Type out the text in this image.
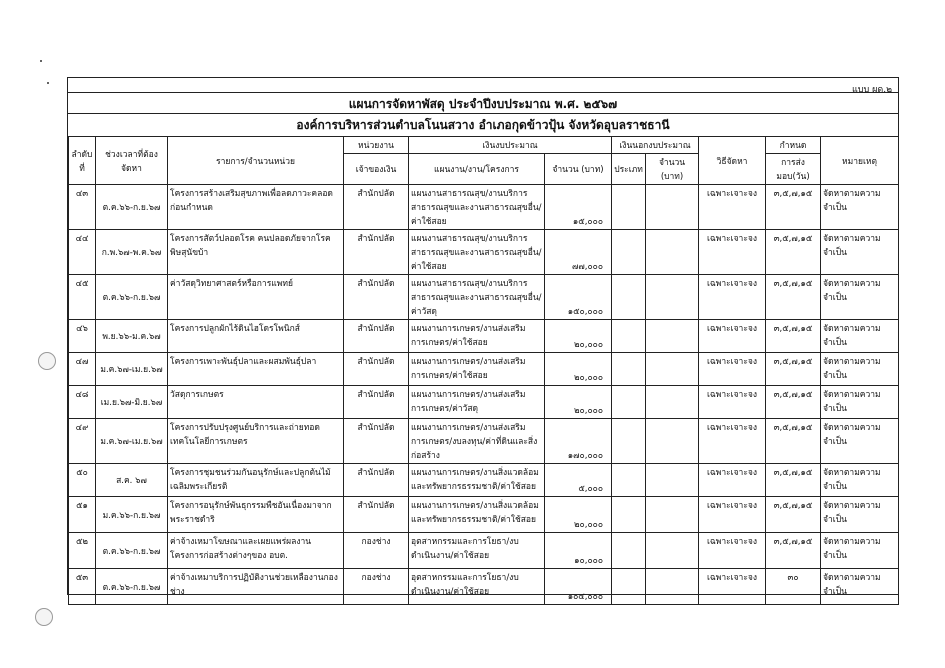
แบบ ผด.๒
แผนการจัดหาพัสดุ ประจำปีงบประมาณ พ.ศ. ๒๕๖๗
องค์การบริหารส่วนตำบลโนนสวาง อำเภอกุดข้าวปุ้น จังหวัดอุบลราชธานี
ลำดับที่	ช่วงเวลาที่ต้องจัดหา	รายการ/จำนวนหน่วย	หน่วยงาน	เงินงบประมาณ		เงินนอกงบประมาณ		วิธีจัดหา	กำหนด	หมายเหตุ
			เจ้าของเงิน	แผนงาน/งาน/โครงการ	จำนวน (บาท)	ประเภท	จำนวน (บาท)		การส่งมอบ(วัน)	
๔๓	ต.ค.๖๖-ก.ย.๖๗	โครงการสร้างเสริมสุขภาพเพื่อลดภาวะคลอดก่อนกำหนด	สำนักปลัด	แผนงานสาธารณสุข/งานบริการสาธารณสุขและงานสาธารณสุขอื่น/ค่าใช้สอย	๑๕,๐๐๐			เฉพาะเจาะจง	๓,๕,๗,๑๕	จัดหาตามความจำเป็น
๔๔	ก.พ.๖๗-พ.ค.๖๗	โครงการสัตว์ปลอดโรค คนปลอดภัยจากโรคพิษสุนัขบ้า	สำนักปลัด	แผนงานสาธารณสุข/งานบริการสาธารณสุขและงานสาธารณสุขอื่น/ค่าใช้สอย	๗๗,๐๐๐			เฉพาะเจาะจง	๓,๕,๗,๑๕	จัดหาตามความจำเป็น
๔๕	ต.ค.๖๖-ก.ย.๖๗	ค่าวัสดุวิทยาศาสตร์หรือการแพทย์	สำนักปลัด	แผนงานสาธารณสุข/งานบริการสาธารณสุขและงานสาธารณสุขอื่น/ค่าวัสดุ	๑๕๐,๐๐๐			เฉพาะเจาะจง	๓,๕,๗,๑๕	จัดหาตามความจำเป็น
๔๖	พ.ย.๖๖-ม.ค.๖๗	โครงการปลูกผักไร้ดินไฮโดรโพนิกส์	สำนักปลัด	แผนงานการเกษตร/งานส่งเสริมการเกษตร/ค่าใช้สอย	๒๐,๐๐๐			เฉพาะเจาะจง	๓,๕,๗,๑๕	จัดหาตามความจำเป็น
๔๗	ม.ค.๖๗-เม.ย.๖๗	โครงการเพาะพันธุ์ปลาและผสมพันธุ์ปลา	สำนักปลัด	แผนงานการเกษตร/งานส่งเสริมการเกษตร/ค่าใช้สอย	๒๐,๐๐๐			เฉพาะเจาะจง	๓,๕,๗,๑๕	จัดหาตามความจำเป็น
๔๘	เม.ย.๖๗-มิ.ย.๖๗	วัสดุการเกษตร	สำนักปลัด	แผนงานการเกษตร/งานส่งเสริมการเกษตร/ค่าวัสดุ	๒๐,๐๐๐			เฉพาะเจาะจง	๓,๕,๗,๑๕	จัดหาตามความจำเป็น
๔๙	ม.ค.๖๗-เม.ย.๖๗	โครงการปรับปรุงศูนย์บริการและถ่ายทอดเทคโนโลยีการเกษตร	สำนักปลัด	แผนงานการเกษตร/งานส่งเสริมการเกษตร/งบลงทุน/ค่าที่ดินและสิ่งก่อสร้าง	๑๗๐,๐๐๐			เฉพาะเจาะจง	๓,๕,๗,๑๕	จัดหาตามความจำเป็น
๕๐	ส.ค. ๖๗	โครงการชุมชนร่วมกันอนุรักษ์และปลูกต้นไม้เฉลิมพระเกียรติ	สำนักปลัด	แผนงานการเกษตร/งานสิ่งแวดล้อมและทรัพยากรธรรมชาติ/ค่าใช้สอย	๕,๐๐๐			เฉพาะเจาะจง	๓,๕,๗,๑๕	จัดหาตามความจำเป็น
๕๑	ม.ค.๖๖-ก.ย.๖๗	โครงการอนุรักษ์พันธุกรรมพืชอันเนื่องมาจากพระราชดำริ	สำนักปลัด	แผนงานการเกษตร/งานสิ่งแวดล้อมและทรัพยากรธรรมชาติ/ค่าใช้สอย	๒๐,๐๐๐			เฉพาะเจาะจง	๓,๕,๗,๑๕	จัดหาตามความจำเป็น
๕๒	ต.ค.๖๖-ก.ย.๖๗	ค่าจ้างเหมาโฆษณาและเผยแพร่ผลงานโครงการก่อสร้างต่างๆของ อบต.	กองช่าง	อุตสาหกรรมและการโยธา/งบดำเนินงาน/ค่าใช้สอย	๑๐,๐๐๐			เฉพาะเจาะจง	๓,๕,๗,๑๕	จัดหาตามความจำเป็น
๕๓	ต.ค.๖๖-ก.ย.๖๗	ค่าจ้างเหมาบริการปฏิบัติงานช่วยเหลืองานกองช่าง	กองช่าง	อุตสาหกรรมและการโยธา/งบดำเนินงาน/ค่าใช้สอย	๑๐๔,๐๐๐			เฉพาะเจาะจง	๓๐	จัดหาตามความจำเป็น
